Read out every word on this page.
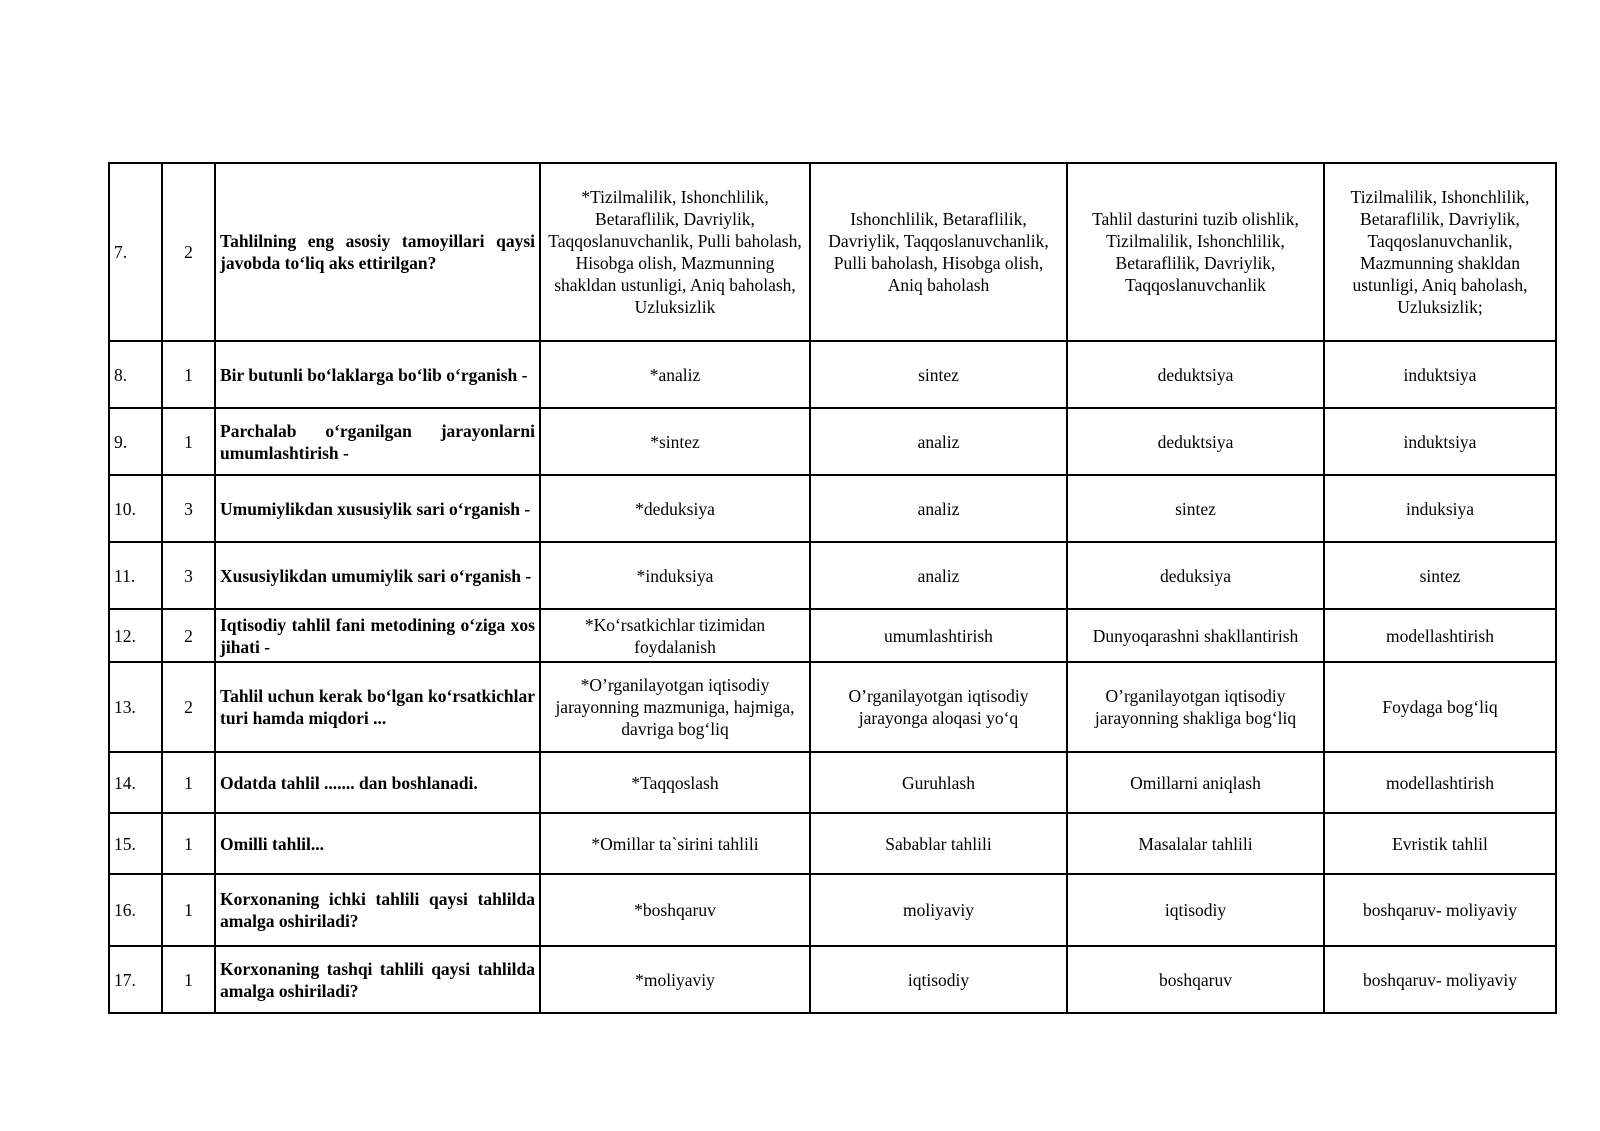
7.	2	Tahlilning eng asosiy tamoyillari qaysi javobda to‘liq aks ettirilgan?	*Tizilmalilik, Ishonchlilik, Betaraflilik, Davriylik, Taqqoslanuvchanlik, Pulli baholash, Hisobga olish, Mazmunning shakldan ustunligi, Aniq baholash, Uzluksizlik	Ishonchlilik, Betaraflilik, Davriylik, Taqqoslanuvchanlik, Pulli baholash, Hisobga olish, Aniq baholash	Tahlil dasturini tuzib olishlik, Tizilmalilik, Ishonchlilik, Betaraflilik, Davriylik, Taqqoslanuvchanlik	Tizilmalilik, Ishonchlilik, Betaraflilik, Davriylik, Taqqoslanuvchanlik, Mazmunning shakldan ustunligi, Aniq baholash, Uzluksizlik;
8.	1	Bir butunli bo‘laklarga bo‘lib o‘rganish -	*analiz	sintez	deduktsiya	induktsiya
9.	1	Parchalab o‘rganilgan jarayonlarni umumlashtirish -	*sintez	analiz	deduktsiya	induktsiya
10.	3	Umumiylikdan xususiylik sari o‘rganish -	*deduksiya	analiz	sintez	induksiya
11.	3	Xususiylikdan umumiylik sari o‘rganish -	*induksiya	analiz	deduksiya	sintez
12.	2	Iqtisodiy tahlil fani metodining o‘ziga xos jihati -	*Ko‘rsatkichlar tizimidan foydalanish	umumlashtirish	Dunyoqarashni shakllantirish	modellashtirish
13.	2	Tahlil uchun kerak bo‘lgan ko‘rsatkichlar turi hamda miqdori ...	*O’rganilayotgan iqtisodiy jarayonning mazmuniga, hajmiga, davriga bog‘liq	O’rganilayotgan iqtisodiy jarayonga aloqasi yo‘q	O’rganilayotgan iqtisodiy jarayonning shakliga bog‘liq	Foydaga bog‘liq
14.	1	Odatda tahlil ....... dan boshlanadi.	*Taqqoslash	Guruhlash	Omillarni aniqlash	modellashtirish
15.	1	Omilli tahlil...	*Omillar ta`sirini tahlili	Sabablar tahlili	Masalalar tahlili	Evristik tahlil
16.	1	Korxonaning ichki tahlili qaysi tahlilda amalga oshiriladi?	*boshqaruv	moliyaviy	iqtisodiy	boshqaruv- moliyaviy
17.	1	Korxonaning tashqi tahlili qaysi tahlilda amalga oshiriladi?	*moliyaviy	iqtisodiy	boshqaruv	boshqaruv- moliyaviy
